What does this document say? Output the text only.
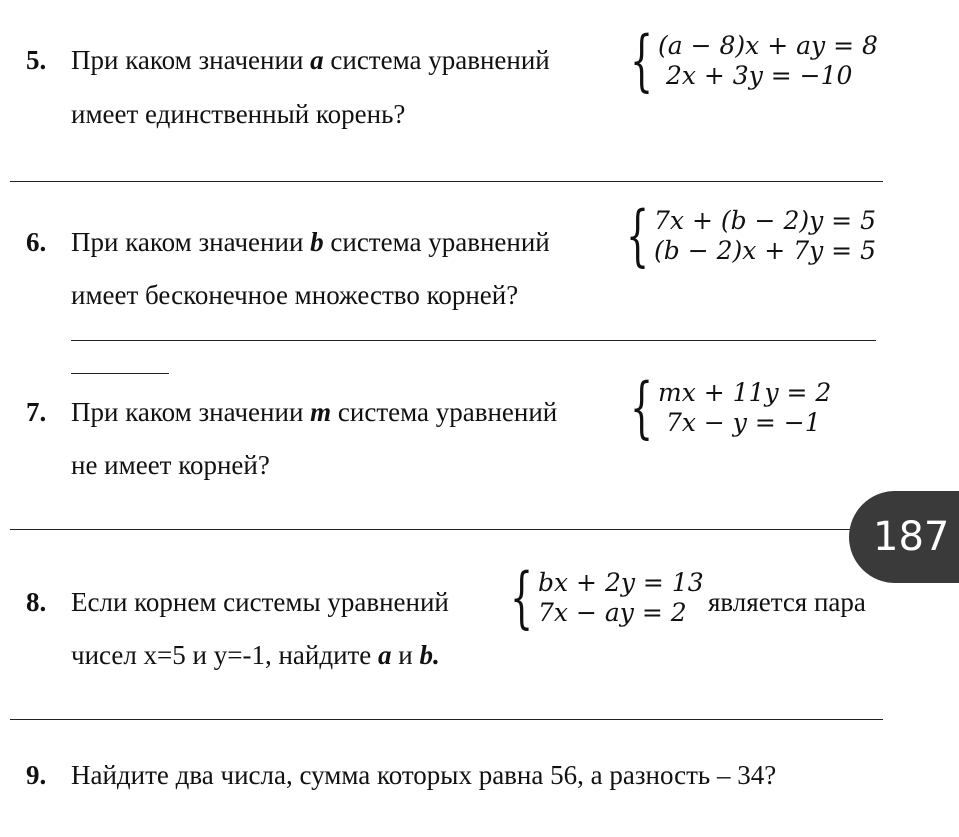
5. При каком значении a система уравнений { (a − 8)x + ay = 8
2x + 3y = −10
имеет единственный корень?
6. При каком значении b система уравнений { 7x + (b − 2)y = 5
(b − 2)x + 7y = 5
имеет бесконечное множество корней?
7. При каком значении m система уравнений { mx + 11y = 2
7x − y = −1
не имеет корней?
187
8. Если корнем системы уравнений { bx + 2y = 13
7x − ay = 2 является пара
чисел x=5 и y=-1, найдите a и b.
9. Найдите два числа, сумма которых равна 56, а разность – 34?
